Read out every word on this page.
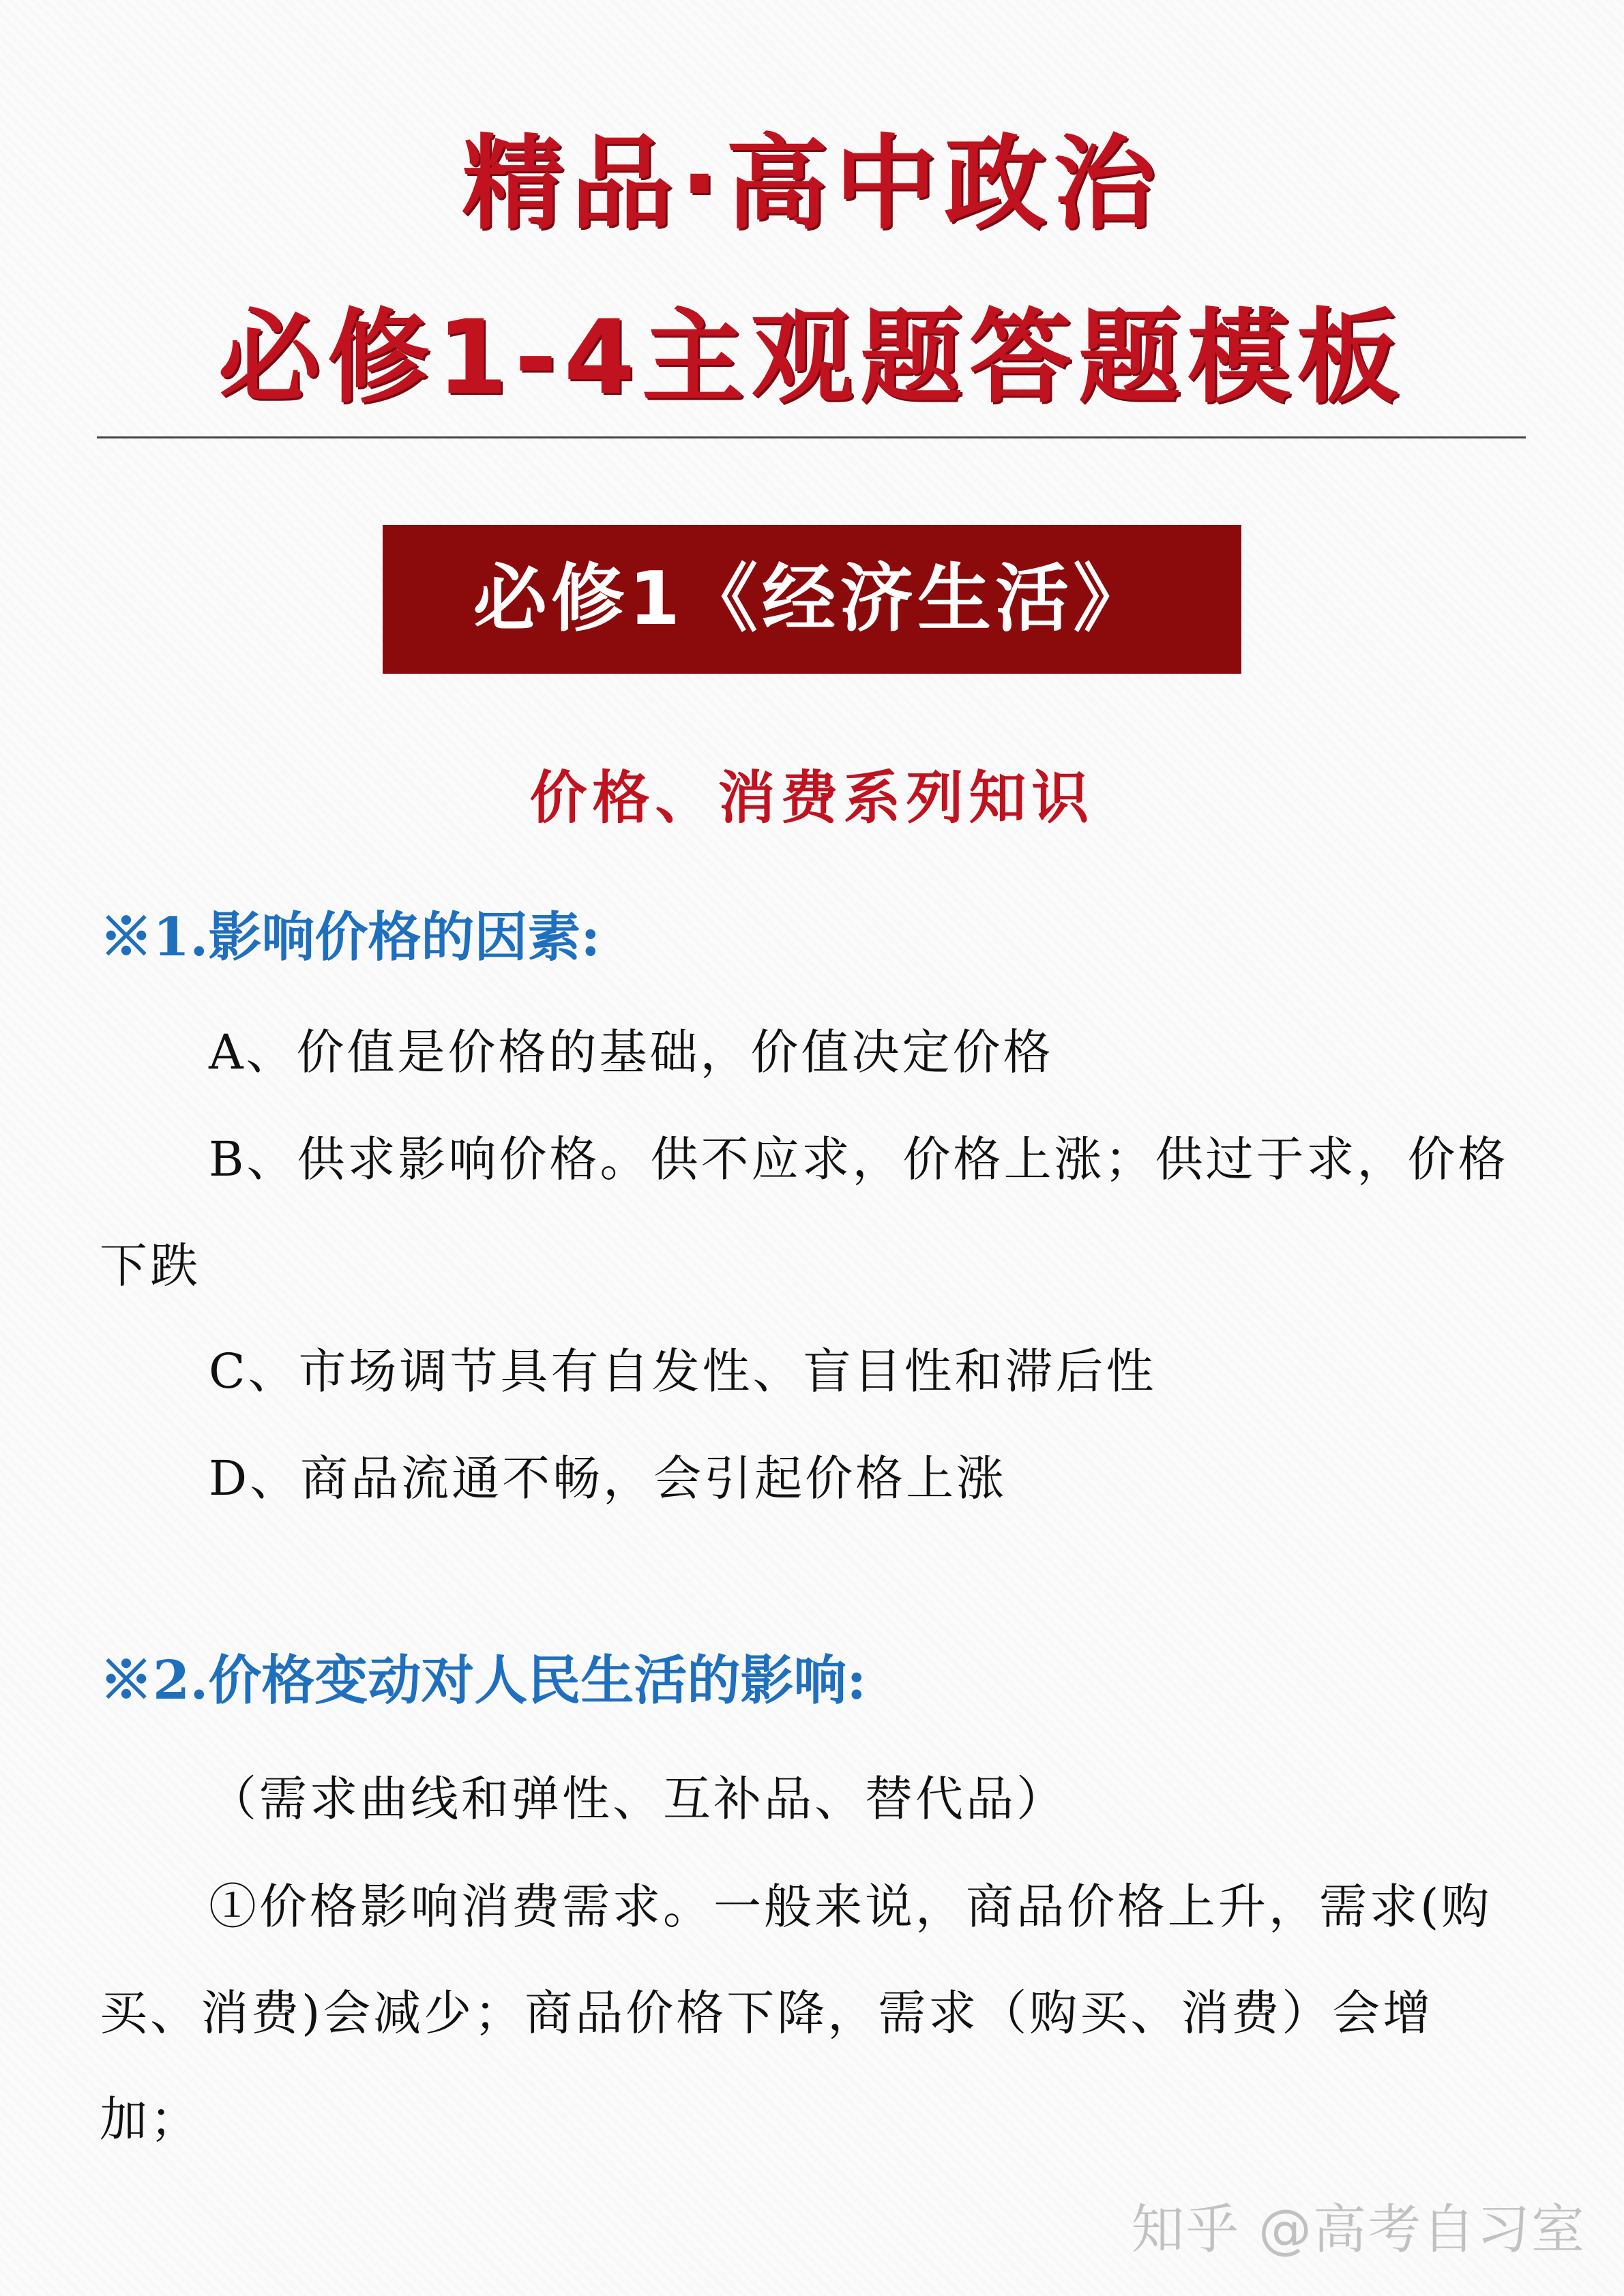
精品·高中政治
必修1-4主观题答题模板
必修1《经济生活》
价格、消费系列知识
※1.影响价格的因素:
A、价值是价格的基础，价值决定价格
B、供求影响价格。供不应求，价格上涨；供过于求，价格下跌
C、市场调节具有自发性、盲目性和滞后性
D、商品流通不畅，会引起价格上涨
※2.价格变动对人民生活的影响:
（需求曲线和弹性、互补品、替代品）
①价格影响消费需求。一般来说，商品价格上升，需求(购买、消费)会减少；商品价格下降，需求（购买、消费）会增加；
知乎 @高考自习室
